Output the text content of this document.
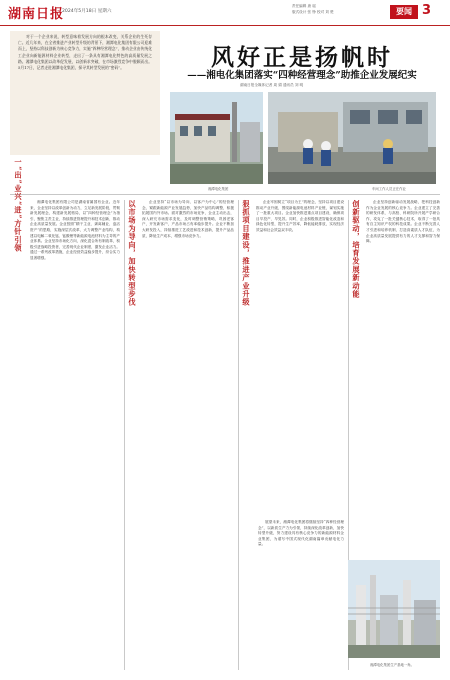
湖南日报
2024年5月18日 星期六
责任编辑 唐 瑶
版式设计 张 铮 校对 刘 楚	要闻 3

对于一个企业来说，转型意味着发展方向的根本改变，关系企业的生死存亡。近几年来，在全省推进产业转型升级的背景下，湘潭电化集团有限公司迎难而上，坚持以科技创新为核心竞争力，实施“四种经营理念”，推动企业由传统化工企业向新能源材料企业转型，走出了一条具有湘潭电化特色的高质量发展之路。湘潭电化集团以改革促发展，以创新求突破，在市场激烈竞争中脱颖而出。5月17日，记者走进湘潭电化集团，探寻其转型发展的“密码”。	风好正是扬帆时
——湘电化集团落实“四种经营理念”助推企业发展纪实
湖南日报全媒体记者 周 娟 通讯员 刘 明
湘潭电化集团	车间工作人员正在作业
一“出”业兴“进”方针引领	以市场为导向，加快转型步伐	狠抓项目建设，推进产业升级	创新驱动，培育发展新动能
湘潭电化集团有限公司是湖南省属国有企业。近年来，企业坚持以改革创新为动力，立足新发展阶段，贯彻新发展理念，构建新发展格局，以“四种经营理念”为指引，聚焦主责主业，持续推进管理提升和技术创新，推动企业高质量发展。企业按照“精干主业、剥离辅业、盘活资产”的思路，实施深层次改革，大力调整产业结构，构建以电解二氧化锰、锰酸锂等新能源电池材料为主导的产业体系。企业坚持市场化方向，深化混合所有制改革，积极引进战略投资者，完善现代企业制度，激发企业活力。通过一系列改革措施，企业经营效益稳步提升，综合实力显著增强。
企业坚持“以市场为导向、以客户为中心”的经营理念，紧跟新能源产业发展趋势，加快产品结构调整，积极拓展国内外市场。面对激烈的市场竞争，企业主动出击，深入研究市场需求变化，及时调整营销策略，巩固老客户，开发新客户，产品市场占有率稳步提升。企业不断加大研发投入，持续推进工艺改进和技术创新，提升产品品质，降低生产成本，增强市场竞争力。
企业牢固树立“项目为王”的理念，坚持以项目建设推动产业升级，围绕新能源电池材料产业链，谋划实施了一批重大项目。企业加快推进重点项目建设，确保项目早投产、早见效。同时，企业积极推进智能化改造和绿色化转型，提升生产效率，降低能耗排放，实现经济效益和社会效益双丰收。
企业坚持创新驱动发展战略，把科技创新作为企业发展的核心竞争力。企业建立了完善的研发体系，与高校、科研院所开展产学研合作，攻克了一批关键核心技术，取得了一批具有自主知识产权的科技成果。企业不断完善人才引进和培养机制，打造高素质人才队伍，为企业高质量发展提供有力的人才支撑和智力保障。
展望未来，湘潭电化集团将继续坚持“四种经营理念”，以新质生产力为引领，持续深化改革创新，加快转型升级，努力建设具有核心竞争力的新能源材料企业集团，为谱写中国式现代化湖南篇章贡献电化力量。
湘潭电化集团生产基地一角。
